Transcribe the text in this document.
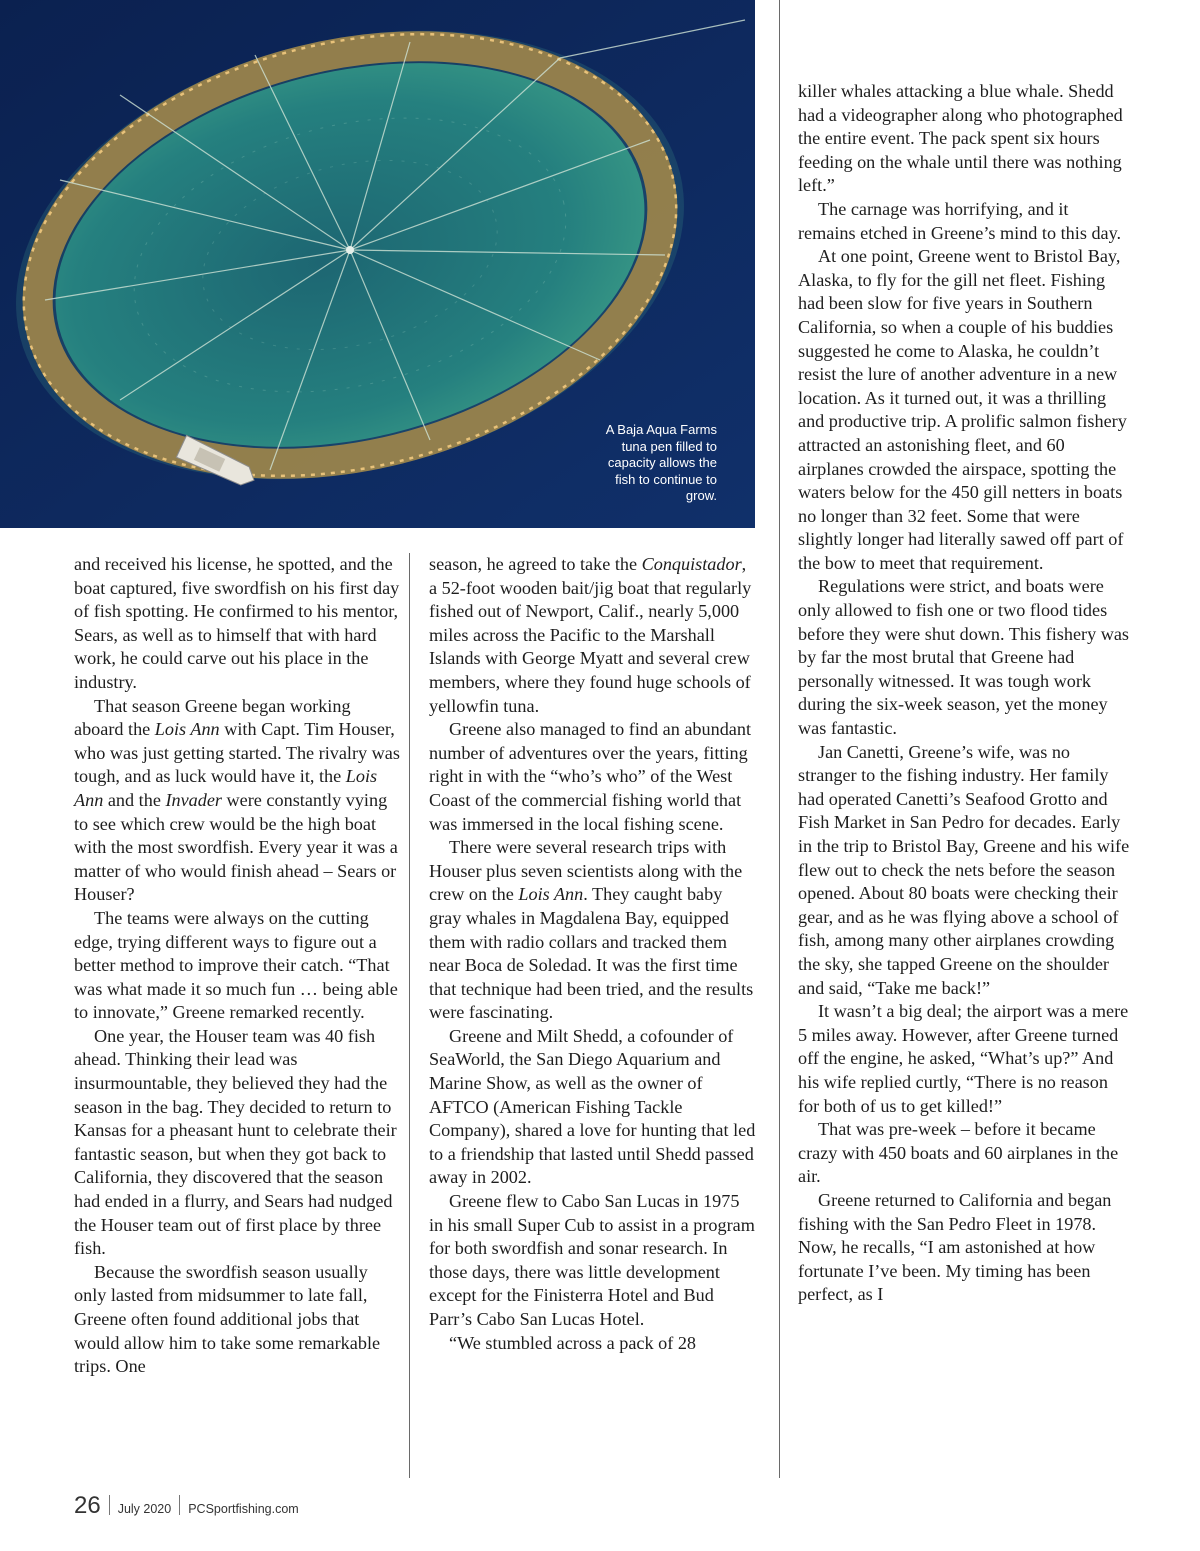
A Baja Aqua Farms tuna pen filled to capacity allows the fish to continue to grow.

and received his license, he spotted, and the boat captured, five swordfish on his first day of fish spotting. He confirmed to his mentor, Sears, as well as to himself that with hard work, he could carve out his place in the industry.

That season Greene began working aboard the Lois Ann with Capt. Tim Houser, who was just getting started. The rivalry was tough, and as luck would have it, the Lois Ann and the Invader were constantly vying to see which crew would be the high boat with the most swordfish. Every year it was a matter of who would finish ahead – Sears or Houser?

The teams were always on the cutting edge, trying different ways to figure out a better method to improve their catch. “That was what made it so much fun … being able to innovate,” Greene remarked recently.

One year, the Houser team was 40 fish ahead. Thinking their lead was insurmountable, they believed they had the season in the bag. They decided to return to Kansas for a pheasant hunt to celebrate their fantastic season, but when they got back to California, they discovered that the season had ended in a flurry, and Sears had nudged the Houser team out of first place by three fish.

Because the swordfish season usually only lasted from midsummer to late fall, Greene often found additional jobs that would allow him to take some remarkable trips. One

season, he agreed to take the Conquistador, a 52-foot wooden bait/jig boat that regularly fished out of Newport, Calif., nearly 5,000 miles across the Pacific to the Marshall Islands with George Myatt and several crew members, where they found huge schools of yellowfin tuna.

Greene also managed to find an abundant number of adventures over the years, fitting right in with the “who’s who” of the West Coast of the commercial fishing world that was immersed in the local fishing scene.

There were several research trips with Houser plus seven scientists along with the crew on the Lois Ann. They caught baby gray whales in Magdalena Bay, equipped them with radio collars and tracked them near Boca de Soledad. It was the first time that technique had been tried, and the results were fascinating.

Greene and Milt Shedd, a cofounder of SeaWorld, the San Diego Aquarium and Marine Show, as well as the owner of AFTCO (American Fishing Tackle Company), shared a love for hunting that led to a friendship that lasted until Shedd passed away in 2002.

Greene flew to Cabo San Lucas in 1975 in his small Super Cub to assist in a program for both swordfish and sonar research. In those days, there was little development except for the Finisterra Hotel and Bud Parr’s Cabo San Lucas Hotel.

“We stumbled across a pack of 28

killer whales attacking a blue whale. Shedd had a videographer along who photographed the entire event. The pack spent six hours feeding on the whale until there was nothing left.”

The carnage was horrifying, and it remains etched in Greene’s mind to this day.

At one point, Greene went to Bristol Bay, Alaska, to fly for the gill net fleet. Fishing had been slow for five years in Southern California, so when a couple of his buddies suggested he come to Alaska, he couldn’t resist the lure of another adventure in a new location. As it turned out, it was a thrilling and productive trip. A prolific salmon fishery attracted an astonishing fleet, and 60 airplanes crowded the airspace, spotting the waters below for the 450 gill netters in boats no longer than 32 feet. Some that were slightly longer had literally sawed off part of the bow to meet that requirement.

Regulations were strict, and boats were only allowed to fish one or two flood tides before they were shut down. This fishery was by far the most brutal that Greene had personally witnessed. It was tough work during the six-week season, yet the money was fantastic.

Jan Canetti, Greene’s wife, was no stranger to the fishing industry. Her family had operated Canetti’s Seafood Grotto and Fish Market in San Pedro for decades. Early in the trip to Bristol Bay, Greene and his wife flew out to check the nets before the season opened. About 80 boats were checking their gear, and as he was flying above a school of fish, among many other airplanes crowding the sky, she tapped Greene on the shoulder and said, “Take me back!”

It wasn’t a big deal; the airport was a mere 5 miles away. However, after Greene turned off the engine, he asked, “What’s up?” And his wife replied curtly, “There is no reason for both of us to get killed!”

That was pre-week – before it became crazy with 450 boats and 60 airplanes in the air.

Greene returned to California and began fishing with the San Pedro Fleet in 1978. Now, he recalls, “I am astonished at how fortunate I’ve been. My timing has been perfect, as I

26 July 2020 PCSportfishing.com
